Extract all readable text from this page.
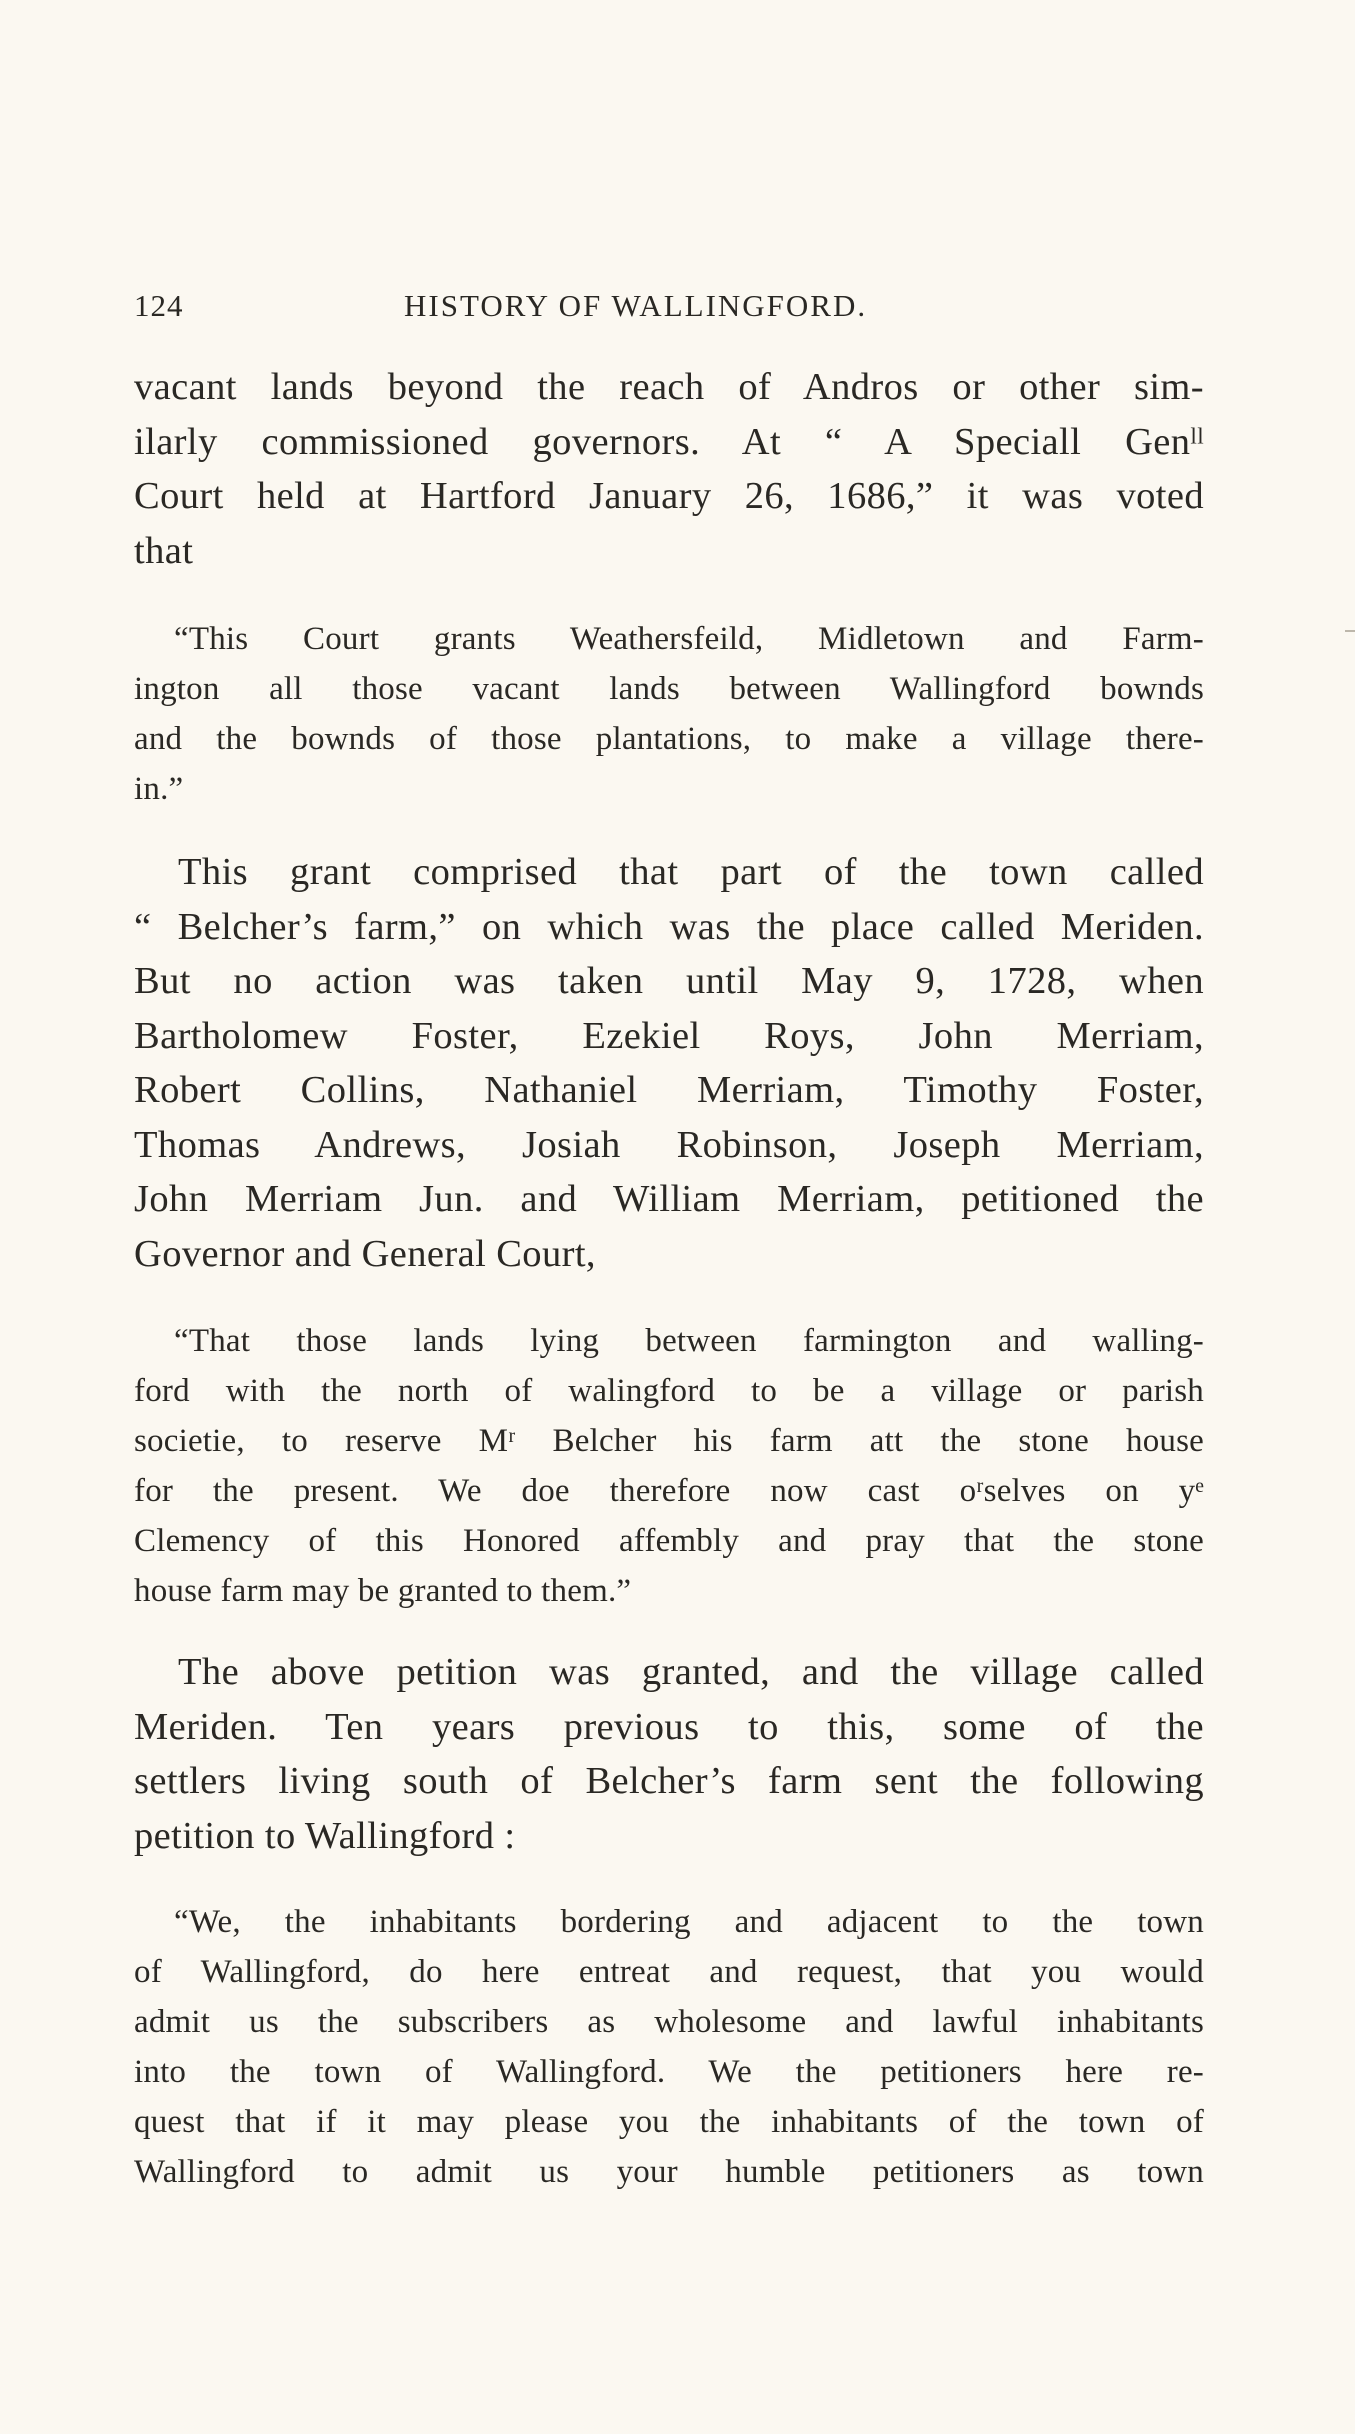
124	HISTORY OF WALLINGFORD.
vacant lands beyond the reach of Andros or other sim-
ilarly commissioned governors. At “ A Speciall Genˡˡ
Court held at Hartford January 26, 1686,” it was voted
that
“This Court grants Weathersfeild, Midletown and Farm-
ington all those vacant lands between Wallingford bownds
and the bownds of those plantations, to make a village there-
in.”
This grant comprised that part of the town called
“ Belcher’s farm,” on which was the place called Meriden.
But no action was taken until May 9, 1728, when
Bartholomew Foster, Ezekiel Roys, John Merriam,
Robert Collins, Nathaniel Merriam, Timothy Foster,
Thomas Andrews, Josiah Robinson, Joseph Merriam,
John Merriam Jun. and William Merriam, petitioned the
Governor and General Court,
“That those lands lying between farmington and walling-
ford with the north of walingford to be a village or parish
societie, to reserve Mʳ Belcher his farm att the stone house
for the present. We doe therefore now cast oʳselves on yᵉ
Clemency of this Honored affembly and pray that the stone
house farm may be granted to them.”
The above petition was granted, and the village called
Meriden. Ten years previous to this, some of the
settlers living south of Belcher’s farm sent the following
petition to Wallingford :
“We, the inhabitants bordering and adjacent to the town
of Wallingford, do here entreat and request, that you would
admit us the subscribers as wholesome and lawful inhabitants
into the town of Wallingford. We the petitioners here re-
quest that if it may please you the inhabitants of the town of
Wallingford to admit us your humble petitioners as town
